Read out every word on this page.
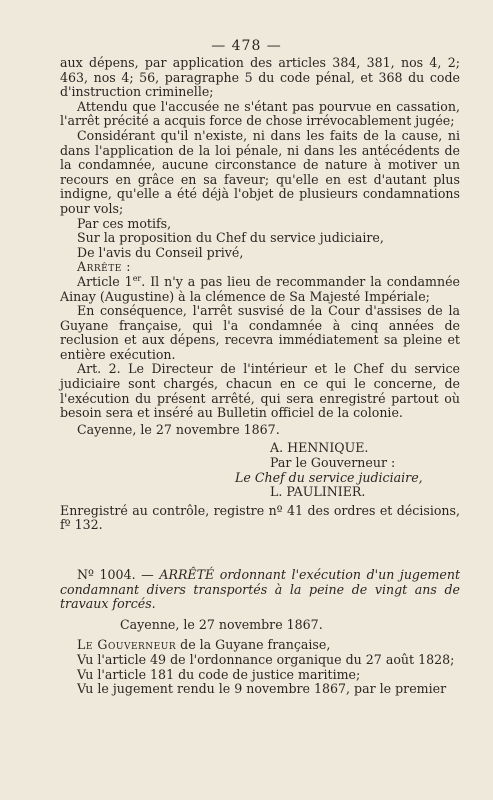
— 478 —

aux dépens, par application des articles 384, 381, nos 4, 2; 463, nos 4; 56, paragraphe 5 du code pénal, et 368 du code d'instruction criminelle;

Attendu que l'accusée ne s'étant pas pourvue en cassation, l'arrêt précité a acquis force de chose irrévocablement jugée;

Considérant qu'il n'existe, ni dans les faits de la cause, ni dans l'application de la loi pénale, ni dans les antécédents de la condamnée, aucune circonstance de nature à motiver un recours en grâce en sa faveur; qu'elle en est d'autant plus indigne, qu'elle a été déjà l'objet de plusieurs condamnations pour vols;

Par ces motifs,

Sur la proposition du Chef du service judiciaire,

De l'avis du Conseil privé,

Arrête :

Article 1er. Il n'y a pas lieu de recommander la condamnée Ainay (Augustine) à la clémence de Sa Majesté Impériale;

En conséquence, l'arrêt susvisé de la Cour d'assises de la Guyane française, qui l'a condamnée à cinq années de reclusion et aux dépens, recevra immédiatement sa pleine et entière exécution.

Art. 2. Le Directeur de l'intérieur et le Chef du service judiciaire sont chargés, chacun en ce qui le concerne, de l'exécution du présent arrêté, qui sera enregistré partout où besoin sera et inséré au Bulletin officiel de la colonie.

Cayenne, le 27 novembre 1867.

A. HENNIQUE.

Par le Gouverneur :

Le Chef du service judiciaire,

L. PAULINIER.

Enregistré au contrôle, registre nº 41 des ordres et décisions, fº 132.

Nº 1004. — ARRÊTÉ ordonnant l'exécution d'un jugement condamnant divers transportés à la peine de vingt ans de travaux forcés.

Cayenne, le 27 novembre 1867.

Le Gouverneur de la Guyane française,

Vu l'article 49 de l'ordonnance organique du 27 août 1828;

Vu l'article 181 du code de justice maritime;

Vu le jugement rendu le 9 novembre 1867, par le premier
